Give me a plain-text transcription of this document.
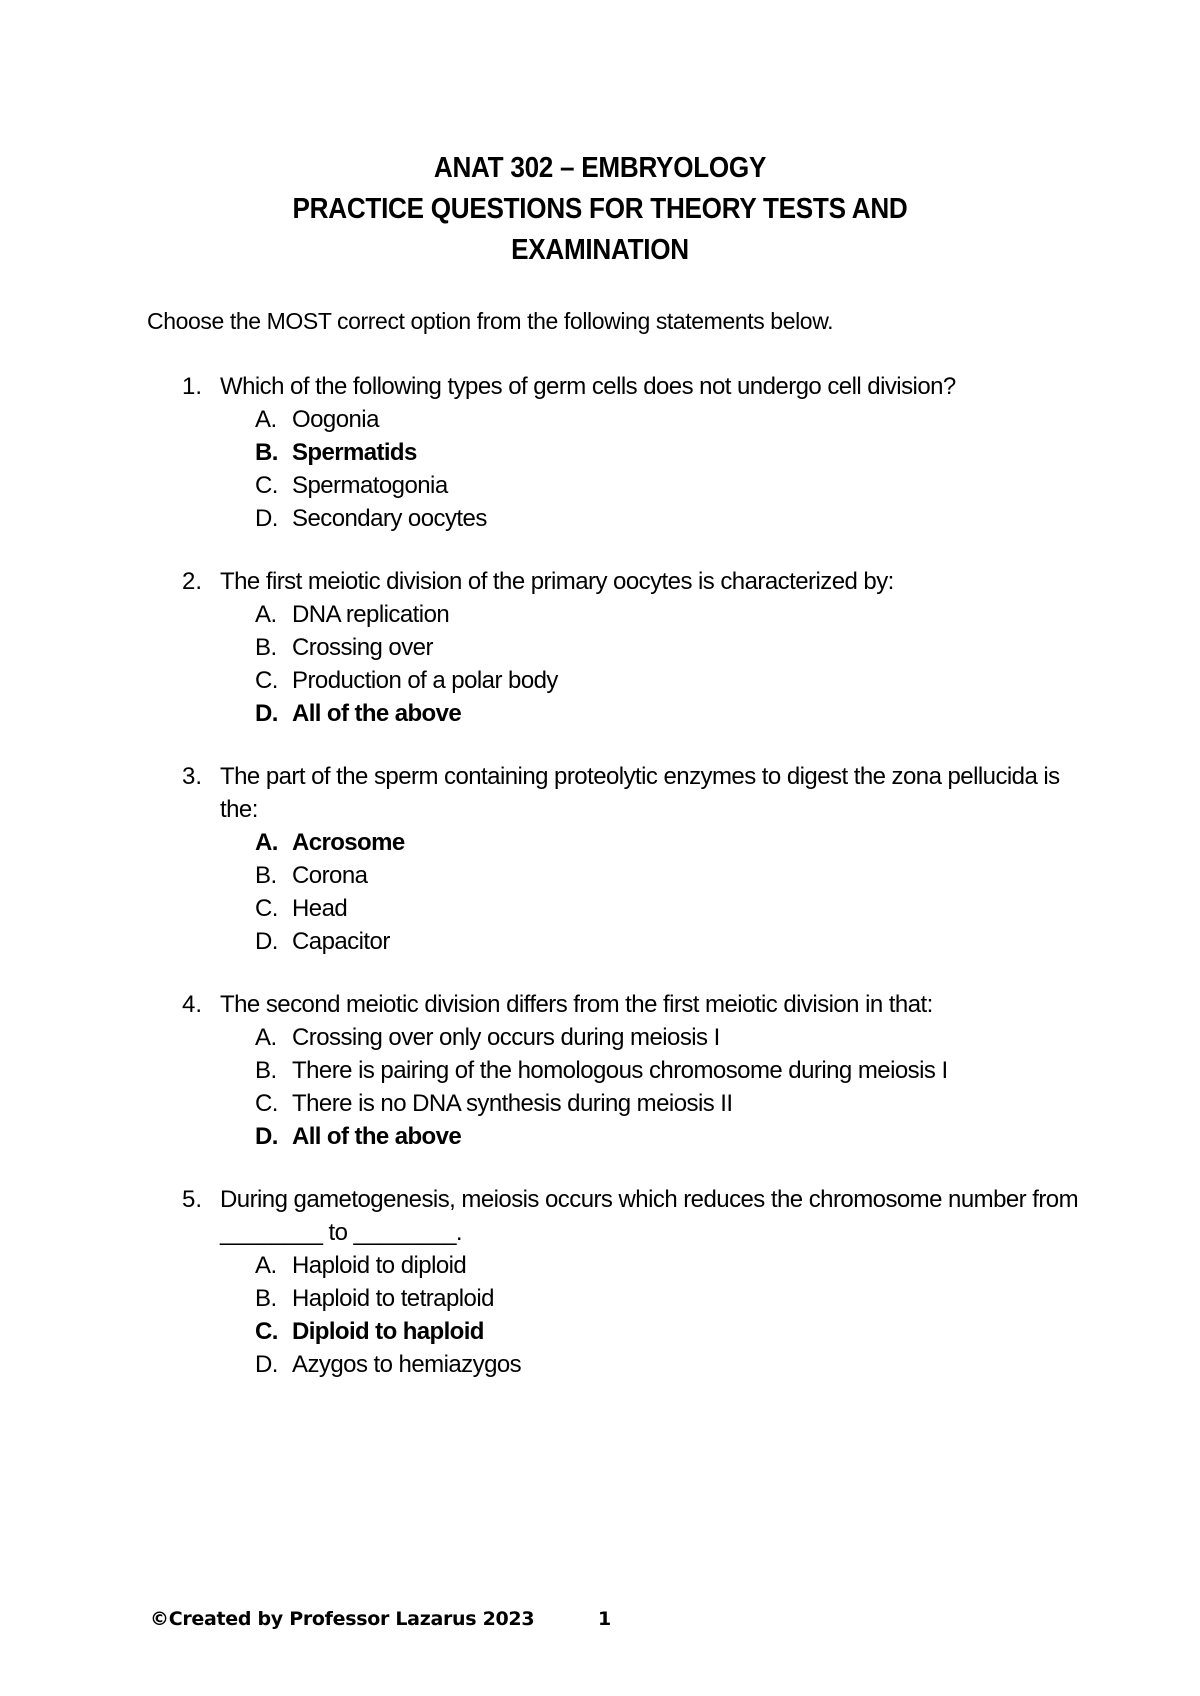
ANAT 302 – EMBRYOLOGY
PRACTICE QUESTIONS FOR THEORY TESTS AND
EXAMINATION
Choose the MOST correct option from the following statements below.
1. Which of the following types of germ cells does not undergo cell division?
A. Oogonia
B. Spermatids
C. Spermatogonia
D. Secondary oocytes
2. The first meiotic division of the primary oocytes is characterized by:
A. DNA replication
B. Crossing over
C. Production of a polar body
D. All of the above
3. The part of the sperm containing proteolytic enzymes to digest the zona pellucida is the:
A. Acrosome
B. Corona
C. Head
D. Capacitor
4. The second meiotic division differs from the first meiotic division in that:
A. Crossing over only occurs during meiosis I
B. There is pairing of the homologous chromosome during meiosis I
C. There is no DNA synthesis during meiosis II
D. All of the above
5. During gametogenesis, meiosis occurs which reduces the chromosome number from ________ to ________.
A. Haploid to diploid
B. Haploid to tetraploid
C. Diploid to haploid
D. Azygos to hemiazygos
©Created by Professor Lazarus 2023	1
